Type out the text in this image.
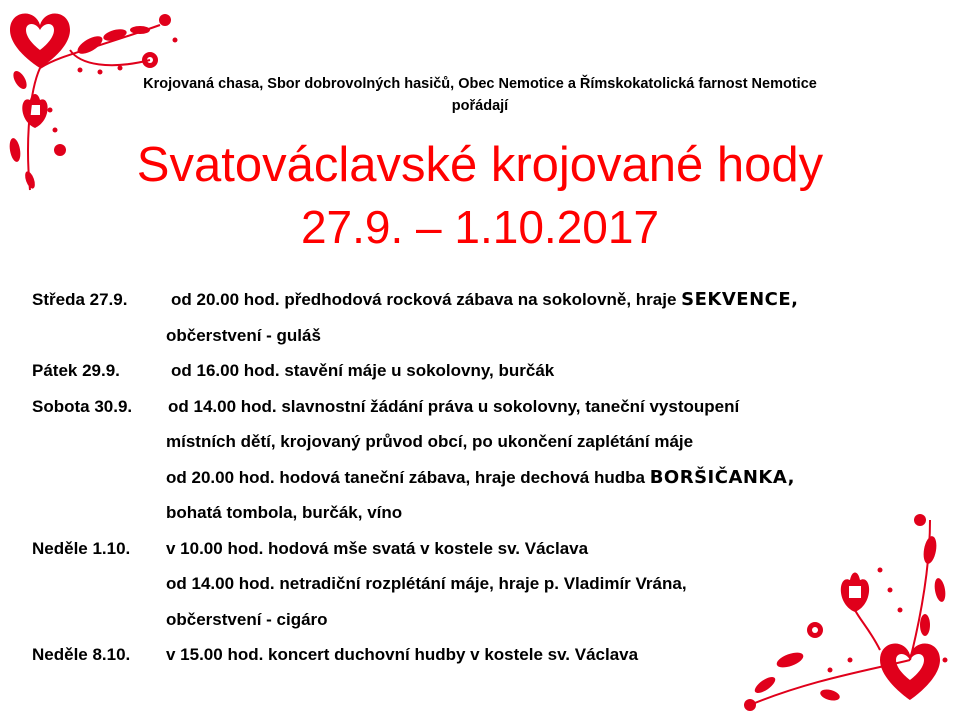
Krojovaná chasa, Sbor dobrovolných hasičů, Obec Nemotice a Římskokatolická farnost Nemotice
pořádají
Svatováclavské krojované hody
27.9. – 1.10.2017
Středa 27.9.	od 20.00 hod. předhodová rocková zábava na sokolovně, hraje SEKVENCE,
občerstvení - guláš
Pátek 29.9.	od 16.00 hod. stavění máje u sokolovny, burčák
Sobota 30.9. od 14.00 hod. slavnostní žádání práva u sokolovny, taneční vystoupení
místních dětí, krojovaný průvod obcí, po ukončení zaplétání máje
od 20.00 hod. hodová taneční zábava, hraje dechová hudba BORŠIČANKA,
bohatá tombola, burčák, víno
Neděle 1.10. v 10.00 hod. hodová mše svatá v kostele sv. Václava
od 14.00 hod. netradiční rozplétání máje, hraje p. Vladimír Vrána,
občerstvení - cigáro
Neděle 8.10. v 15.00 hod. koncert duchovní hudby v kostele sv. Václava
